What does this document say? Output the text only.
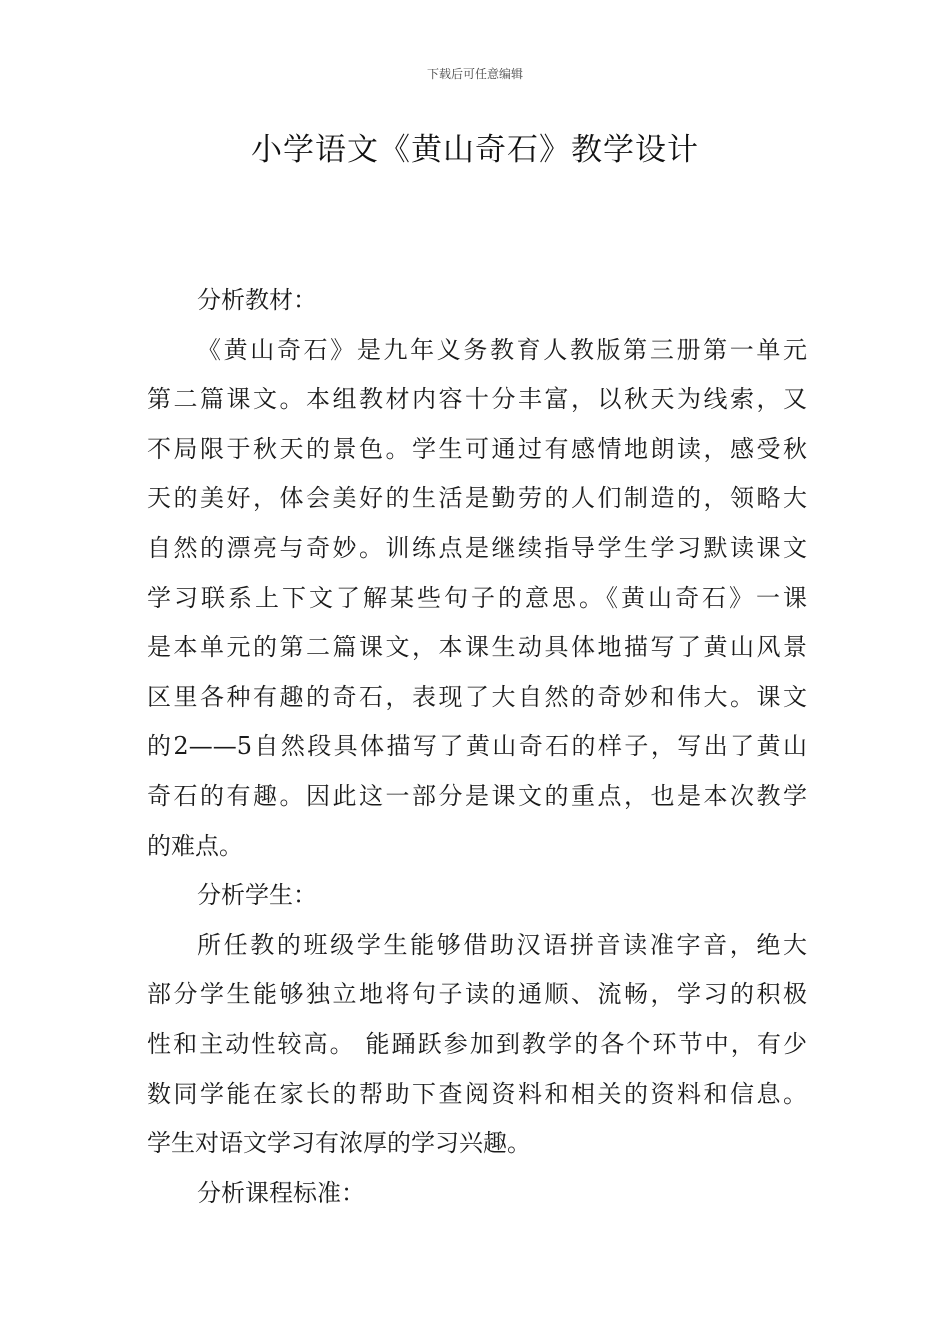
下载后可任意编辑
小学语文《黄山奇石》教学设计
分析教材：
《黄山奇石》是九年义务教育人教版第三册第一单元
第二篇课文。本组教材内容十分丰富，以秋天为线索，又
不局限于秋天的景色。学生可通过有感情地朗读，感受秋
天的美好，体会美好的生活是勤劳的人们制造的，领略大
自然的漂亮与奇妙。训练点是继续指导学生学习默读课文
学习联系上下文了解某些句子的意思。《黄山奇石》一课
是本单元的第二篇课文，本课生动具体地描写了黄山风景
区里各种有趣的奇石，表现了大自然的奇妙和伟大。课文
的2——5自然段具体描写了黄山奇石的样子，写出了黄山
奇石的有趣。因此这一部分是课文的重点，也是本次教学
的难点。
分析学生：
所任教的班级学生能够借助汉语拼音读准字音，绝大
部分学生能够独立地将句子读的通顺、流畅，学习的积极
性和主动性较高。 能踊跃参加到教学的各个环节中，有少
数同学能在家长的帮助下查阅资料和相关的资料和信息。
学生对语文学习有浓厚的学习兴趣。
分析课程标准：
